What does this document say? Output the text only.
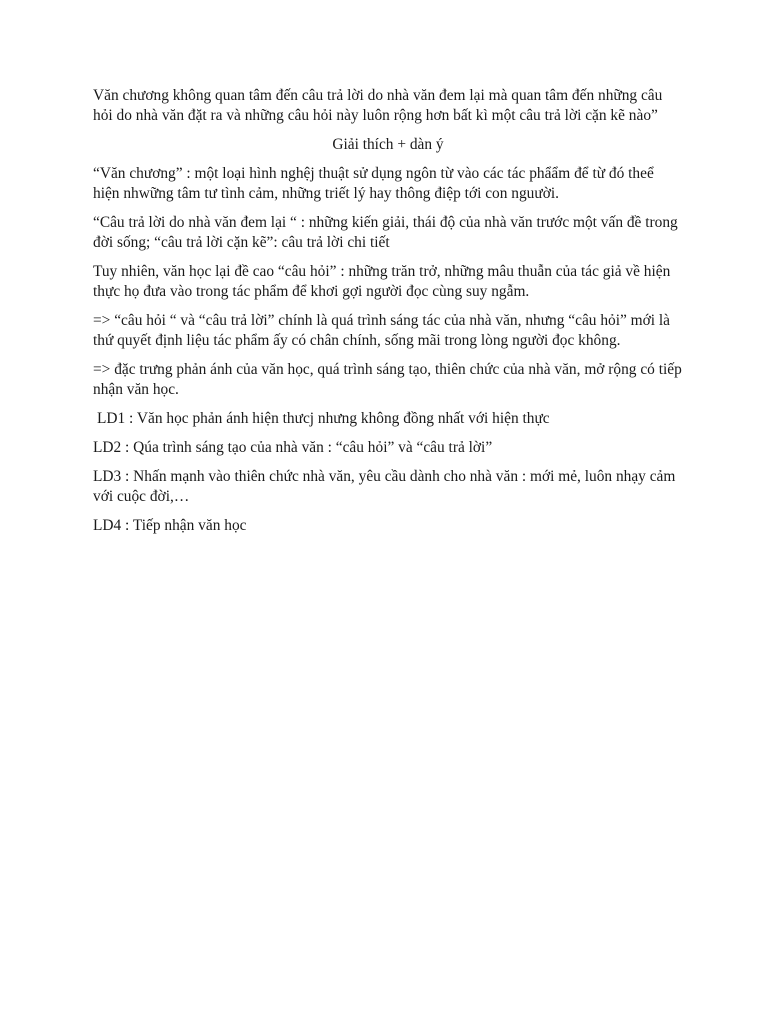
Văn chương không quan tâm đến câu trả lời do nhà văn đem lại mà quan tâm đến những câu hỏi do nhà văn đặt ra và những câu hỏi này luôn rộng hơn bất kì một câu trả lời cặn kẽ nào”

Giải thích + dàn ý

“Văn chương” : một loại hình nghệj thuật sử dụng ngôn từ vào các tác phẩẩm để từ đó theể hiện nhwững tâm tư tình cảm, những triết lý hay thông điệp tới con nguười.

“Câu trả lời do nhà văn đem lại “ : những kiến giải, thái độ của nhà văn trước một vấn đề trong đời sống; “câu trả lời cặn kẽ”: câu trả lời chi tiết

Tuy nhiên, văn học lại đề cao “câu hỏi” : những trăn trở, những mâu thuẫn của tác giả về hiện thực họ đưa vào trong tác phẩm để khơi gợi người đọc cùng suy ngẫm.

=> “câu hỏi “ và “câu trả lời” chính là quá trình sáng tác của nhà văn, nhưng “câu hỏi” mới là thứ quyết định liệu tác phẩm ấy có chân chính, sống mãi trong lòng người đọc không.

=> đặc trưng phản ánh của văn học, quá trình sáng tạo, thiên chức của nhà văn, mở rộng có tiếp nhận văn học.

LD1 : Văn học phản ánh hiện thưcj nhưng không đồng nhất với hiện thực

LD2 : Qúa trình sáng tạo của nhà văn : “câu hỏi” và “câu trả lời”

LD3 : Nhấn mạnh vào thiên chức nhà văn, yêu cầu dành cho nhà văn : mới mẻ, luôn nhạy cảm với cuộc đời,…

LD4 : Tiếp nhận văn học
